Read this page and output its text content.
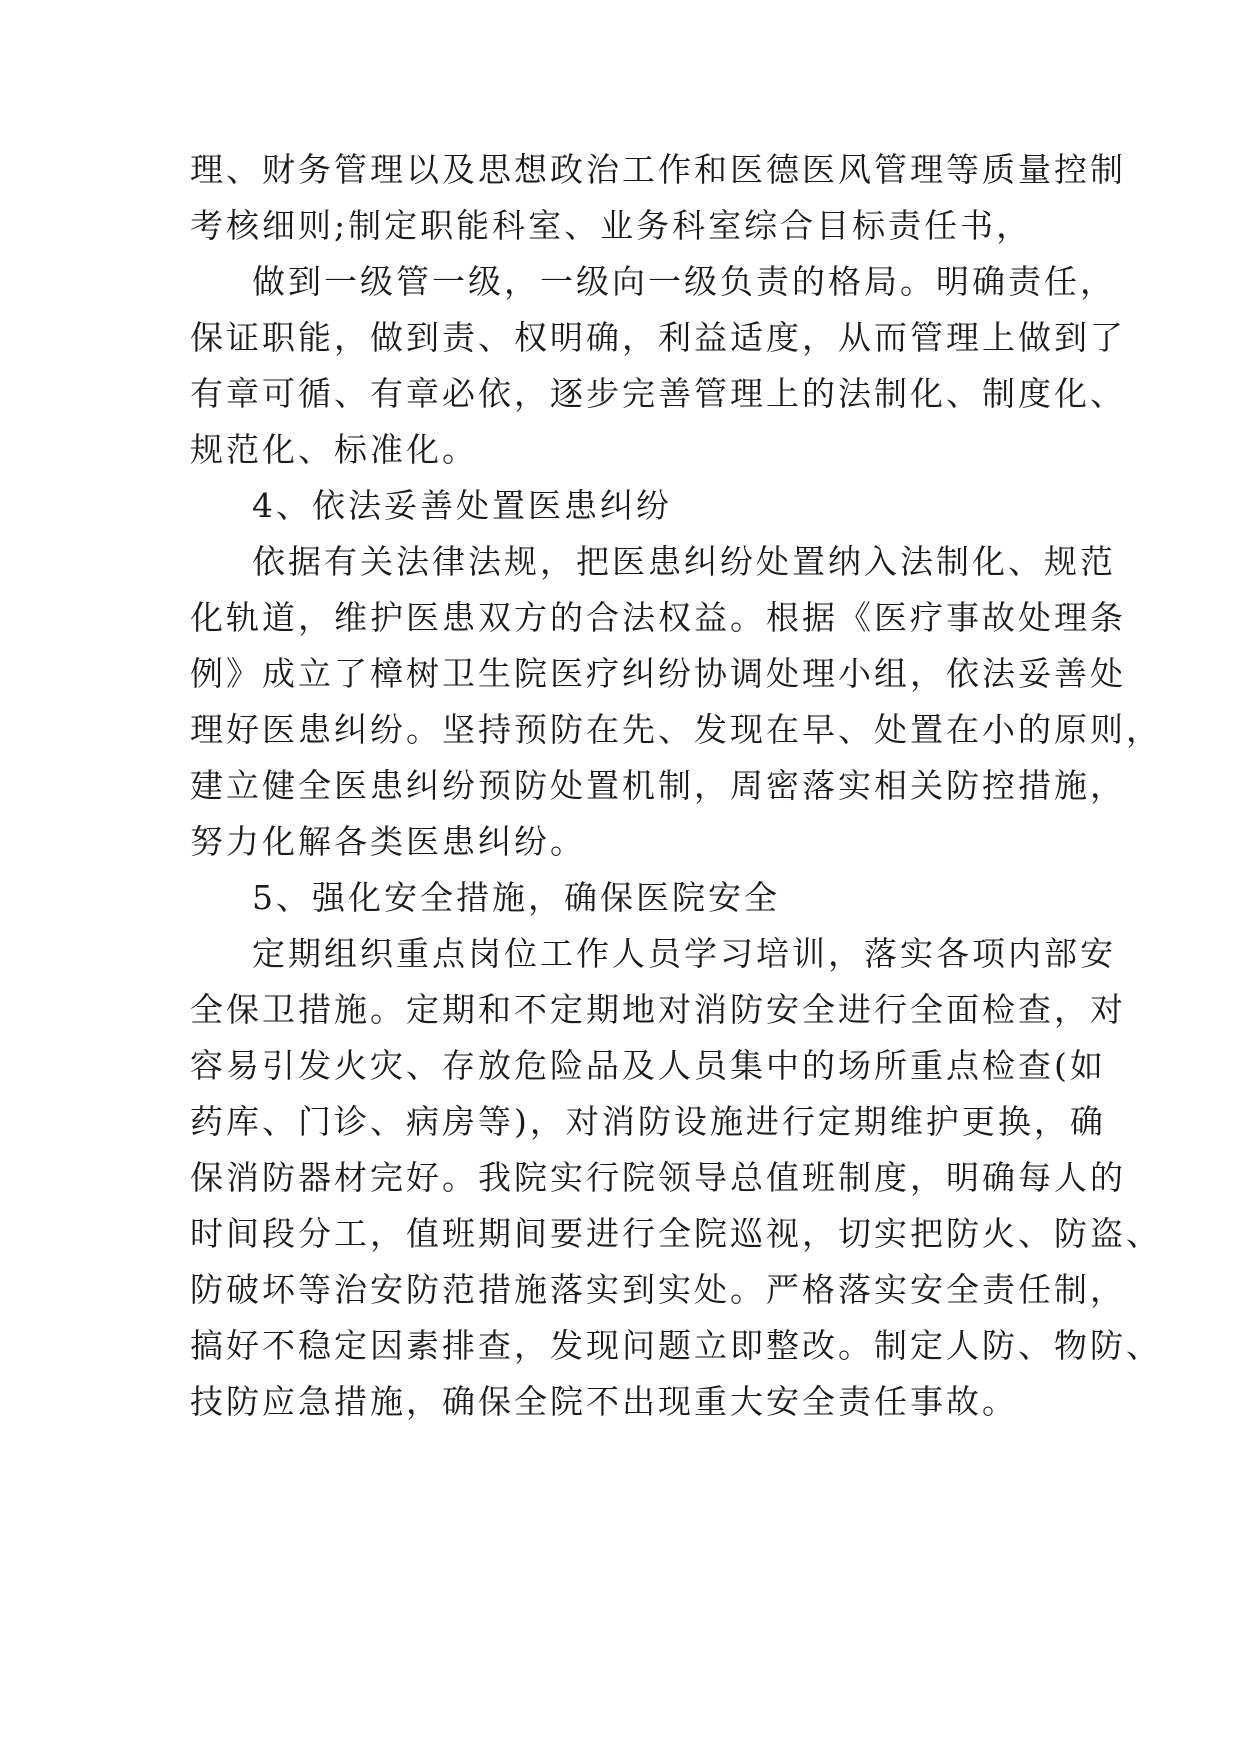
理、财务管理以及思想政治工作和医德医风管理等质量控制

考核细则;制定职能科室、业务科室综合目标责任书，

做到一级管一级，一级向一级负责的格局。明确责任，

保证职能，做到责、权明确，利益适度，从而管理上做到了

有章可循、有章必依，逐步完善管理上的法制化、制度化、

规范化、标准化。

4、依法妥善处置医患纠纷

依据有关法律法规，把医患纠纷处置纳入法制化、规范

化轨道，维护医患双方的合法权益。根据《医疗事故处理条

例》成立了樟树卫生院医疗纠纷协调处理小组，依法妥善处

理好医患纠纷。坚持预防在先、发现在早、处置在小的原则，

建立健全医患纠纷预防处置机制，周密落实相关防控措施，

努力化解各类医患纠纷。

5、强化安全措施，确保医院安全

定期组织重点岗位工作人员学习培训，落实各项内部安

全保卫措施。定期和不定期地对消防安全进行全面检查，对

容易引发火灾、存放危险品及人员集中的场所重点检查(如

药库、门诊、病房等)，对消防设施进行定期维护更换，确

保消防器材完好。我院实行院领导总值班制度，明确每人的

时间段分工，值班期间要进行全院巡视，切实把防火、防盗、

防破坏等治安防范措施落实到实处。严格落实安全责任制，

搞好不稳定因素排查，发现问题立即整改。制定人防、物防、

技防应急措施，确保全院不出现重大安全责任事故。
